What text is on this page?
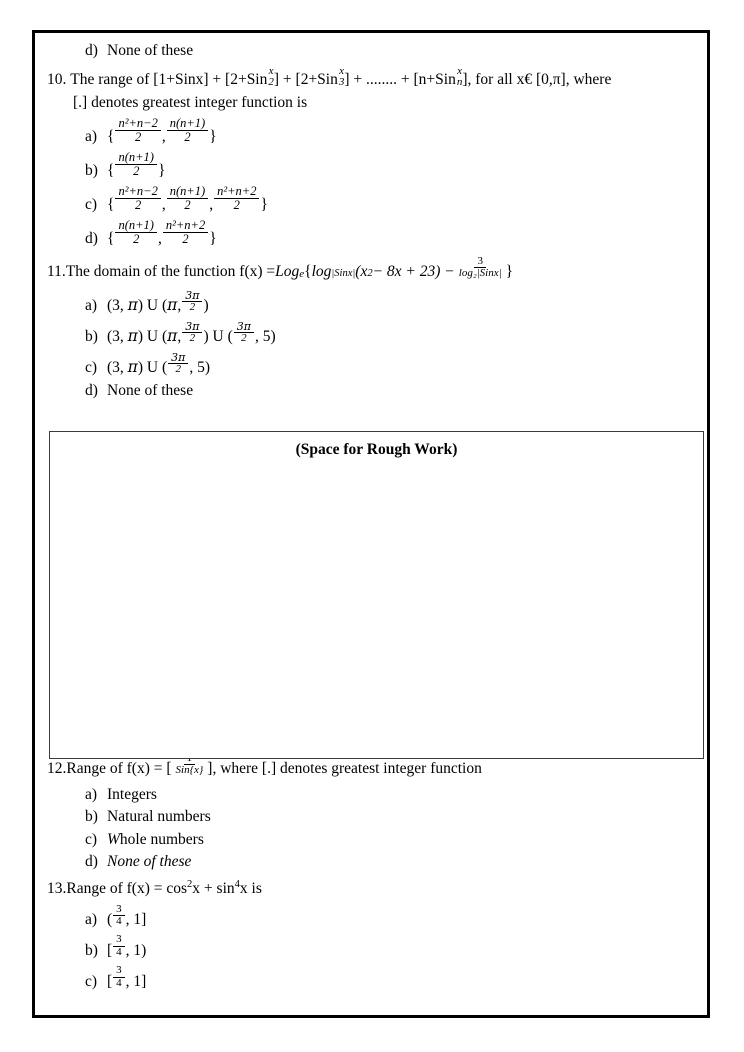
d) None of these
10.
The range of [1+Sinx] + [2+Sin
x
2 ] + [2+Sin
x
3 ] + ........ + [n+Sin
x
n ], for all x€ [0,π], where
[.] denotes greatest integer function is
a) { $\frac{\text{n²+n−2}}{2}$ , $\frac{n(n+1)}{2}$ }
b) { $\frac{n(n+1)}{2}$ }
c) { $\frac{\text{n²+n−2}}{2}$ , $\frac{n(n+1)}{2}$ , $\frac{\text{n²+n+2}}{2}$ }
d) { $\frac{n(n+1)}{2}$ , $\frac{\text{n²+n+2}}{2}$ }
11. The domain of the function f(x) = Log e { log |Sinx| (x $2 - 8x + 23) - \frac{3}{\text{log₂|Sinx|}}$ }
a) ( 3 ,
π )
U
( π , $\frac{3\pi}{2}$ )
b) ( 3 ,
π )
U
( π , $\frac{3\pi}{2}$ )
U
( $\frac{3\pi}{2}$ ,
5 )
c) ( 3 ,
π )
U
( $\frac{3\pi}{2}$ ,
5 )
d) None of these
(Space for Rough Work)
12. Range of f(x) = [ Sin{x} ], where [.] denotes greatest integer function
a) Integers
b) Natural numbers
c) Whole numbers
d) None of these
13.Range of $f(x) = \cos^2x + \sin^4x$ is
a) ( $\frac{3}{4}$ ,
1 ]
b) [ $\frac{3}{4}$ ,
1 )
c) [ $\frac{3}{4}$ ,
1 ]
